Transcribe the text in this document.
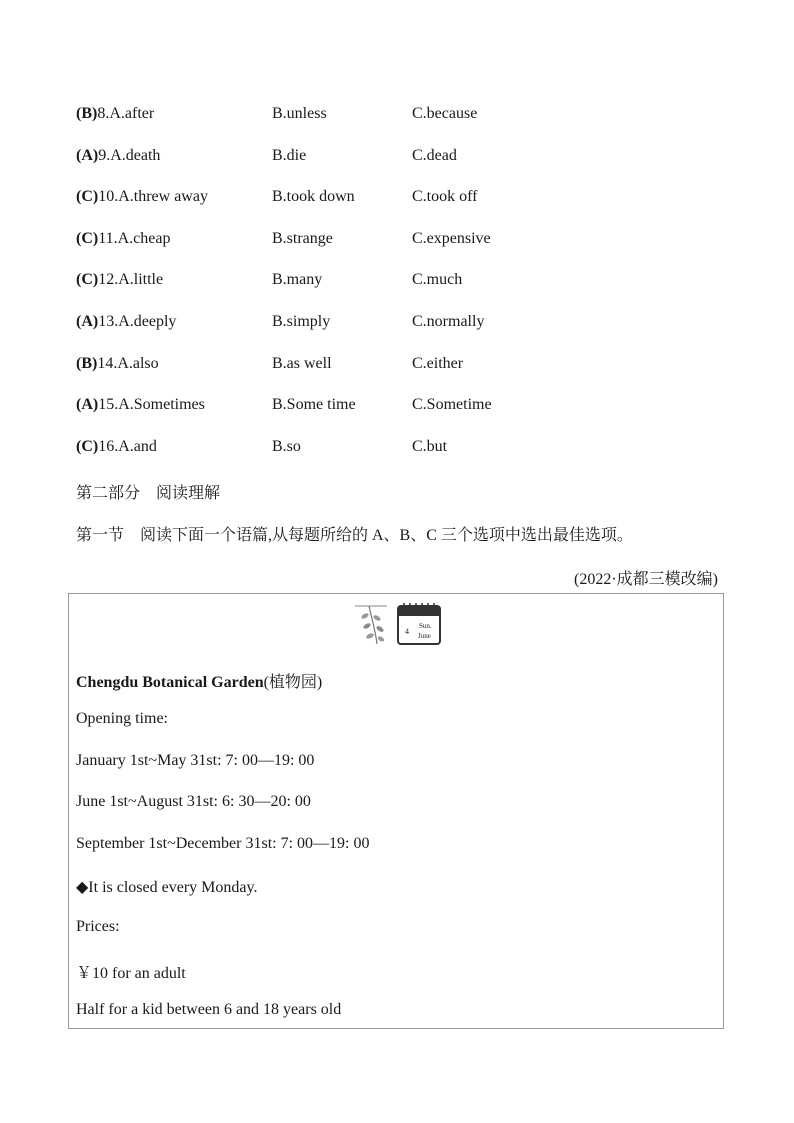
(B)8.A.after	B.unless	C.because
(A)9.A.death	B.die	C.dead
(C)10.A.threw away	B.took down	C.took off
(C)11.A.cheap	B.strange	C.expensive
(C)12.A.little	B.many	C.much
(A)13.A.deeply	B.simply	C.normally
(B)14.A.also	B.as well	C.either
(A)15.A.Sometimes	B.Some time	C.Sometime
(C)16.A.and	B.so	C.but
第二部分　阅读理解
第一节　阅读下面一个语篇,从每题所给的 A、B、C 三个选项中选出最佳选项。
(2022·成都三模改编)
4
Sun.
June
Chengdu Botanical Garden(植物园)
Opening time:
January 1st~May 31st: 7: 00—19: 00
June 1st~August 31st: 6: 30—20: 00
September 1st~December 31st: 7: 00—19: 00
◆It is closed every Monday.
Prices:
￥10 for an adult
Half for a kid between 6 and 18 years old
